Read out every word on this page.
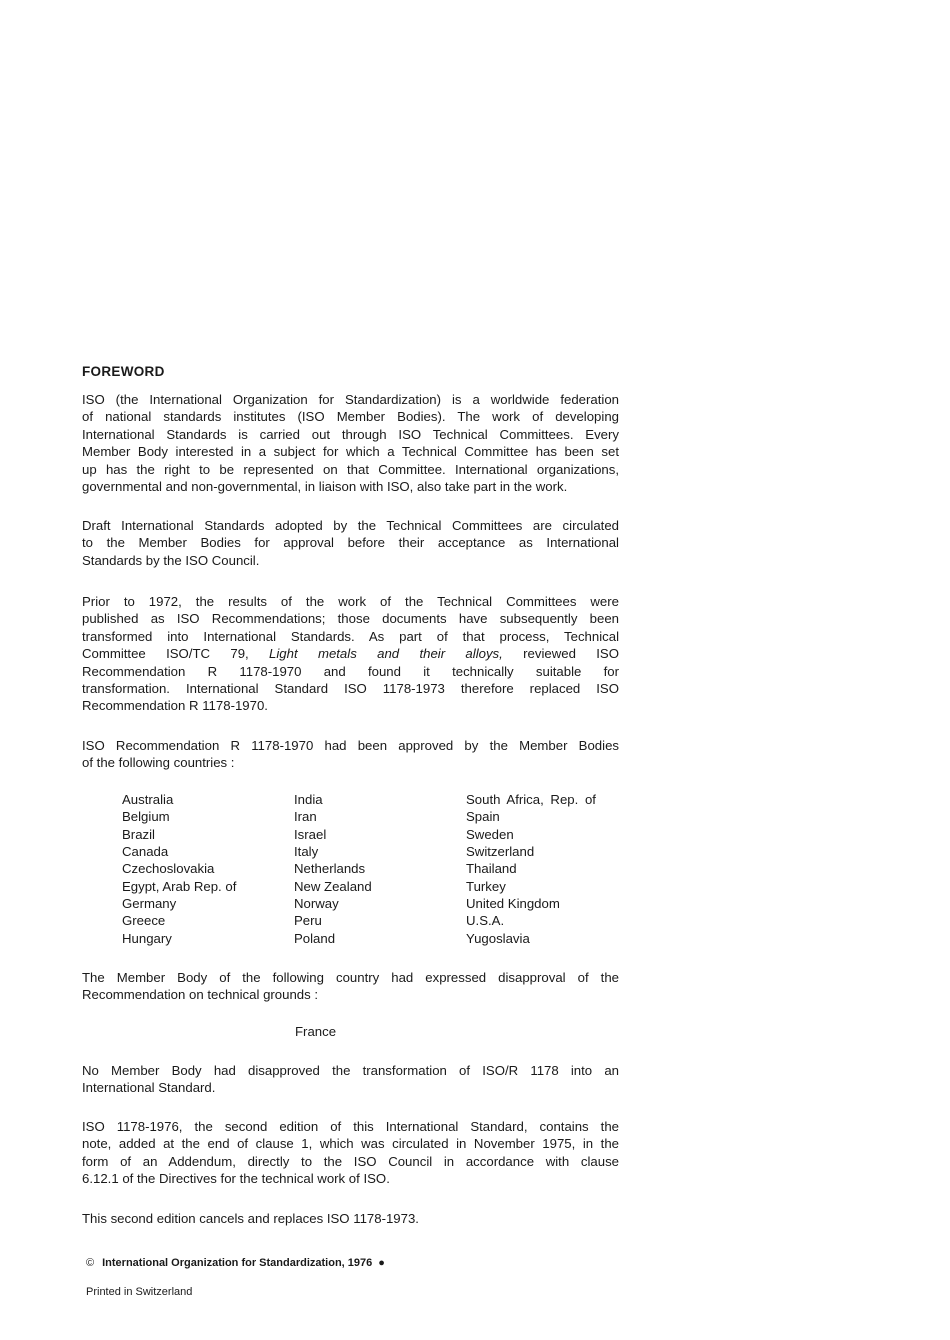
FOREWORD

ISO (the International Organization for Standardization) is a worldwide federation
of national standards institutes (ISO Member Bodies). The work of developing
International Standards is carried out through ISO Technical Committees. Every
Member Body interested in a subject for which a Technical Committee has been set
up has the right to be represented on that Committee. International organizations,
governmental and non-governmental, in liaison with ISO, also take part in the work.

Draft International Standards adopted by the Technical Committees are circulated
to the Member Bodies for approval before their acceptance as International
Standards by the ISO Council.

Prior to 1972, the results of the work of the Technical Committees were
published as ISO Recommendations; those documents have subsequently been
transformed into International Standards. As part of that process, Technical
Committee ISO/TC 79, Light metals and their alloys, reviewed ISO
Recommendation R 1178-1970 and found it technically suitable for
transformation. International Standard ISO 1178-1973 therefore replaced ISO
Recommendation R 1178-1970.

ISO Recommendation R 1178-1970 had been approved by the Member Bodies
of the following countries :

Australia
Belgium
Brazil
Canada
Czechoslovakia
Egypt, Arab Rep. of
Germany
Greece
Hungary
India
Iran
Israel
Italy
Netherlands
New Zealand
Norway
Peru
Poland
South Africa, Rep. of
Spain
Sweden
Switzerland
Thailand
Turkey
United Kingdom
U.S.A.
Yugoslavia

The Member Body of the following country had expressed disapproval of the
Recommendation on technical grounds :

France

No Member Body had disapproved the transformation of ISO/R 1178 into an
International Standard.

ISO 1178-1976, the second edition of this International Standard, contains the
note, added at the end of clause 1, which was circulated in November 1975, in the
form of an Addendum, directly to the ISO Council in accordance with clause
6.12.1 of the Directives for the technical work of ISO.

This second edition cancels and replaces ISO 1178-1973.

© International Organization for Standardization, 1976 ●
Printed in Switzerland
